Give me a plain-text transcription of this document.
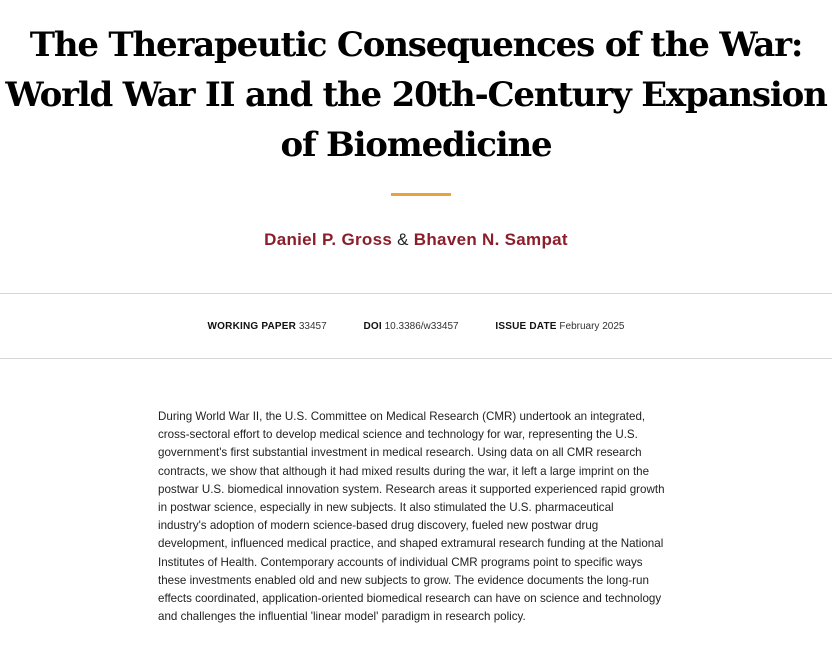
The Therapeutic Consequences of the War:
World War II and the 20th-Century Expansion
of Biomedicine
Daniel P. Gross & Bhaven N. Sampat
WORKING PAPER 33457	DOI 10.3386/w33457	ISSUE DATE February 2025

During World War II, the U.S. Committee on Medical Research (CMR) undertook an integrated,
cross-sectoral effort to develop medical science and technology for war, representing the U.S.
government's first substantial investment in medical research. Using data on all CMR research
contracts, we show that although it had mixed results during the war, it left a large imprint on the
postwar U.S. biomedical innovation system. Research areas it supported experienced rapid growth
in postwar science, especially in new subjects. It also stimulated the U.S. pharmaceutical
industry's adoption of modern science-based drug discovery, fueled new postwar drug
development, influenced medical practice, and shaped extramural research funding at the National
Institutes of Health. Contemporary accounts of individual CMR programs point to specific ways
these investments enabled old and new subjects to grow. The evidence documents the long-run
effects coordinated, application-oriented biomedical research can have on science and technology
and challenges the influential 'linear model' paradigm in research policy.
